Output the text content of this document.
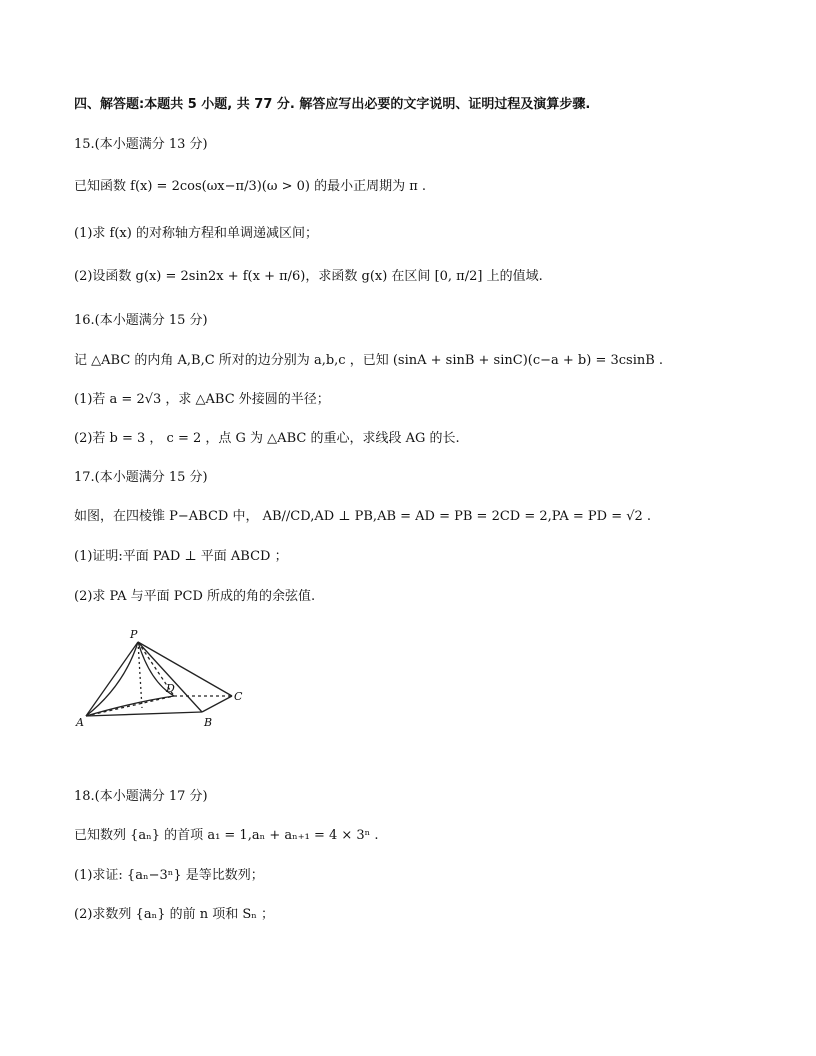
四、解答题:本题共 5 小题, 共 77 分. 解答应写出必要的文字说明、证明过程及演算步骤.
15.(本小题满分 13 分)
已知函数 f(x) = 2cos(ωx−π/3)(ω > 0) 的最小正周期为 π .
(1)求 f(x) 的对称轴方程和单调递减区间；
(2)设函数 g(x) = 2sin2x + f(x + π/6)，求函数 g(x) 在区间 [0, π/2] 上的值域.
16.(本小题满分 15 分)
记 △ABC 的内角 A,B,C 所对的边分别为 a,b,c ，已知 (sinA + sinB + sinC)(c−a + b) = 3csinB .
(1)若 a = 2√3 ，求 △ABC 外接圆的半径；
(2)若 b = 3 ， c = 2 ，点 G 为 △ABC 的重心，求线段 AG 的长.
17.(本小题满分 15 分)
如图，在四棱锥 P−ABCD 中， AB//CD,AD ⊥ PB,AB = AD = PB = 2CD = 2,PA = PD = √2 .
(1)证明:平面 PAD ⊥ 平面 ABCD ；
(2)求 PA 与平面 PCD 所成的角的余弦值.
P
A	B
C
D
18.(本小题满分 17 分)
已知数列 {aₙ} 的首项 a₁ = 1,aₙ + aₙ₊₁ = 4 × 3ⁿ .
(1)求证: {aₙ−3ⁿ} 是等比数列；
(2)求数列 {aₙ} 的前 n 项和 Sₙ ；
